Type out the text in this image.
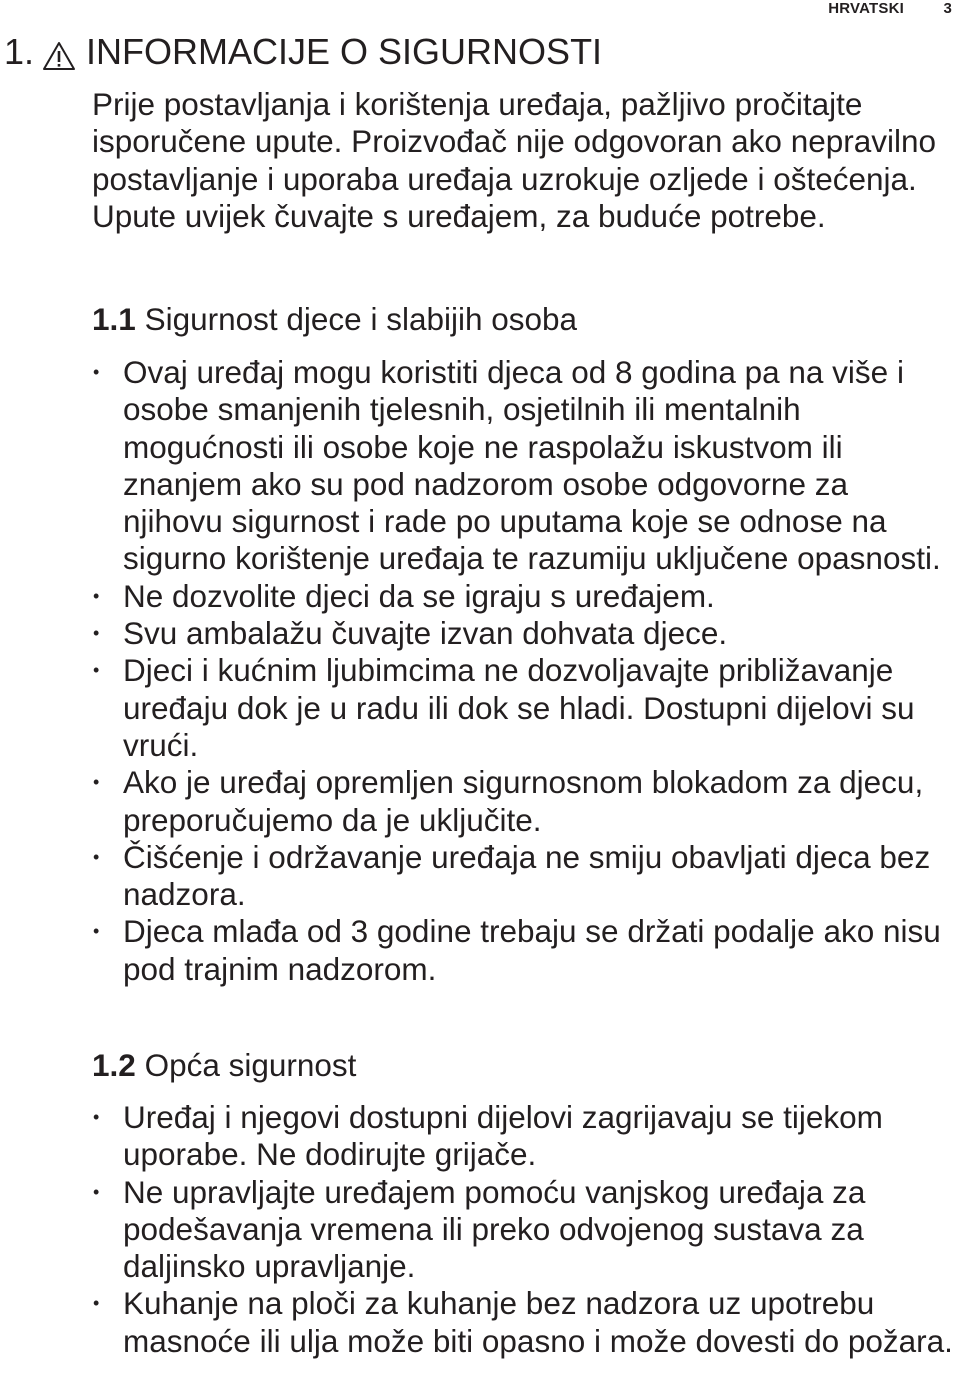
HRVATSKI	3
1. INFORMACIJE O SIGURNOSTI

Prije postavljanja i korištenja uređaja, pažljivo pročitajte isporučene upute. Proizvođač nije odgovoran ako nepravilno postavljanje i uporaba uređaja uzrokuje ozljede i oštećenja. Upute uvijek čuvajte s uređajem, za buduće potrebe.

1.1 Sigurnost djece i slabijih osoba
• Ovaj uređaj mogu koristiti djeca od 8 godina pa na više i osobe smanjenih tjelesnih, osjetilnih ili mentalnih mogućnosti ili osobe koje ne raspolažu iskustvom ili znanjem ako su pod nadzorom osobe odgovorne za njihovu sigurnost i rade po uputama koje se odnose na sigurno korištenje uređaja te razumiju uključene opasnosti.
• Ne dozvolite djeci da se igraju s uređajem.
• Svu ambalažu čuvajte izvan dohvata djece.
• Djeci i kućnim ljubimcima ne dozvoljavajte približavanje uređaju dok je u radu ili dok se hladi. Dostupni dijelovi su vrući.
• Ako je uređaj opremljen sigurnosnom blokadom za djecu, preporučujemo da je uključite.
• Čišćenje i održavanje uređaja ne smiju obavljati djeca bez nadzora.
• Djeca mlađa od 3 godine trebaju se držati podalje ako nisu pod trajnim nadzorom.
1.2 Opća sigurnost
• Uređaj i njegovi dostupni dijelovi zagrijavaju se tijekom uporabe. Ne dodirujte grijače.
• Ne upravljajte uređajem pomoću vanjskog uređaja za podešavanja vremena ili preko odvojenog sustava za daljinsko upravljanje.
• Kuhanje na ploči za kuhanje bez nadzora uz upotrebu masnoće ili ulja može biti opasno i može dovesti do požara.
